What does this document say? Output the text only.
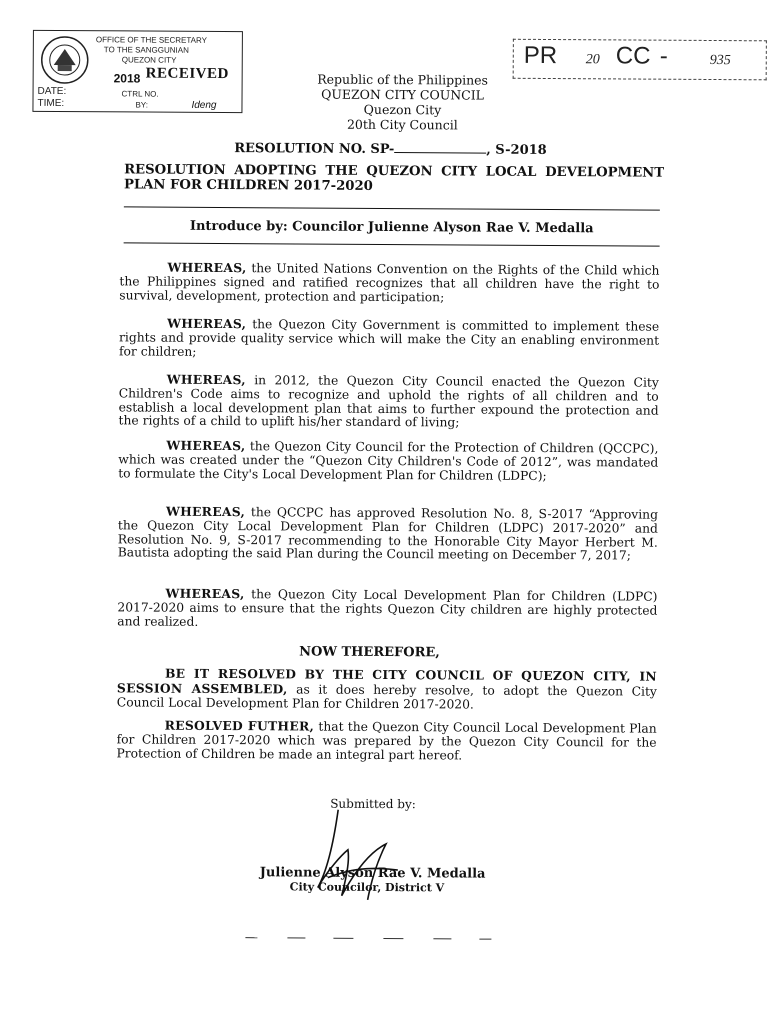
OFFICE OF THE SECRETARY
TO THE SANGGUNIAN
QUEZON CITY
RECEIVED
2018
DATE:	CTRL NO.
TIME:	BY:	Ideng
PR 20 CC -	935
Republic of the Philippines
QUEZON CITY COUNCIL
Quezon City
20th City Council
RESOLUTION NO. SP-	, S-2018
RESOLUTION ADOPTING THE QUEZON CITY LOCAL DEVELOPMENT PLAN FOR CHILDREN 2017-2020
Introduce by: Councilor Julienne Alyson Rae V. Medalla
WHEREAS, the United Nations Convention on the Rights of the Child which the Philippines signed and ratified recognizes that all children have the right to survival, development, protection and participation;
WHEREAS, the Quezon City Government is committed to implement these rights and provide quality service which will make the City an enabling environment for children;
WHEREAS, in 2012, the Quezon City Council enacted the Quezon City Children's Code aims to recognize and uphold the rights of all children and to establish a local development plan that aims to further expound the protection and the rights of a child to uplift his/her standard of living;
WHEREAS, the Quezon City Council for the Protection of Children (QCCPC), which was created under the “Quezon City Children's Code of 2012”, was mandated to formulate the City's Local Development Plan for Children (LDPC);
WHEREAS, the QCCPC has approved Resolution No. 8, S-2017 “Approving the Quezon City Local Development Plan for Children (LDPC) 2017-2020” and Resolution No. 9, S-2017 recommending to the Honorable City Mayor Herbert M. Bautista adopting the said Plan during the Council meeting on December 7, 2017;
WHEREAS, the Quezon City Local Development Plan for Children (LDPC) 2017-2020 aims to ensure that the rights Quezon City children are highly protected and realized.
NOW THEREFORE,
BE IT RESOLVED BY THE CITY COUNCIL OF QUEZON CITY, IN SESSION ASSEMBLED, as it does hereby resolve, to adopt the Quezon City Council Local Development Plan for Children 2017-2020.
RESOLVED FUTHER, that the Quezon City Council Local Development Plan for Children 2017-2020 which was prepared by the Quezon City Council for the Protection of Children be made an integral part hereof.
Submitted by:
Julienne Alyson Rae V. Medalla
City Councilor, District V
